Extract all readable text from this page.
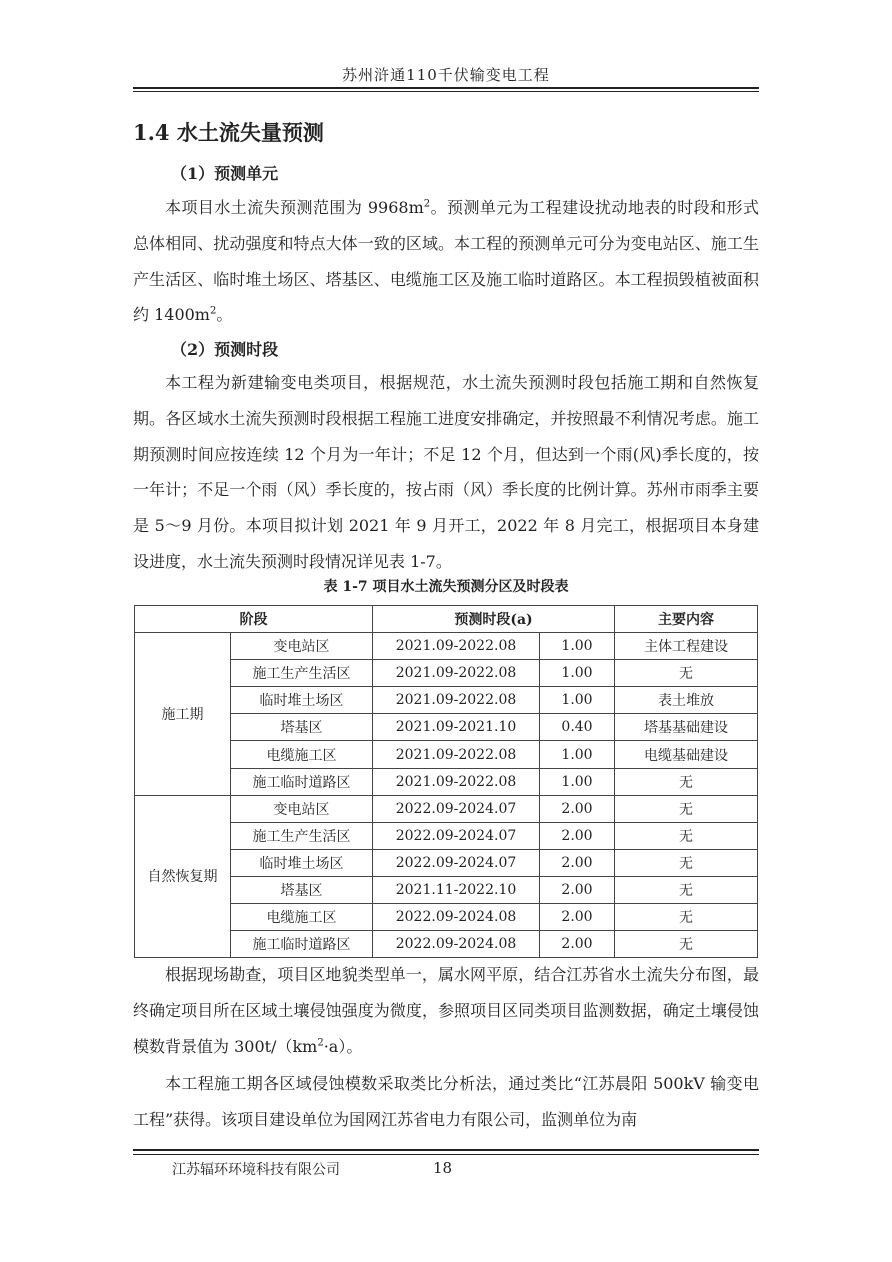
苏州浒通110千伏输变电工程
1.4 水土流失量预测
（1）预测单元
本项目水土流失预测范围为 $9968m^2$。预测单元为工程建设扰动地表的时段和形式总体相同、扰动强度和特点大体一致的区域。本工程的预测单元可分为变电站区、施工生产生活区、临时堆土场区、塔基区、电缆施工区及施工临时道路区。本工程损毁植被面积约 $1400m^2$。
（2）预测时段
本工程为新建输变电类项目，根据规范，水土流失预测时段包括施工期和自然恢复期。各区域水土流失预测时段根据工程施工进度安排确定，并按照最不利情况考虑。施工期预测时间应按连续 12 个月为一年计；不足 12 个月，但达到一个雨(风)季长度的，按一年计；不足一个雨（风）季长度的，按占雨（风）季长度的比例计算。苏州市雨季主要是 5～9 月份。本项目拟计划 2021 年 9 月开工，2022 年 8 月完工，根据项目本身建设进度，水土流失预测时段情况详见表 1-7。
表 1-7 项目水土流失预测分区及时段表
阶段		预测时段(a)		主要内容
施工期	变电站区	2021.09-2022.08	1.00	主体工程建设
	施工生产生活区	2021.09-2022.08	1.00	无
	临时堆土场区	2021.09-2022.08	1.00	表土堆放
	塔基区	2021.09-2021.10	0.40	塔基基础建设
	电缆施工区	2021.09-2022.08	1.00	电缆基础建设
	施工临时道路区	2021.09-2022.08	1.00	无
自然恢复期	变电站区	2022.09-2024.07	2.00	无
	施工生产生活区	2022.09-2024.07	2.00	无
	临时堆土场区	2022.09-2024.07	2.00	无
	塔基区	2021.11-2022.10	2.00	无
	电缆施工区	2022.09-2024.08	2.00	无
	施工临时道路区	2022.09-2024.08	2.00	无
根据现场勘查，项目区地貌类型单一，属水网平原，结合江苏省水土流失分布图，最终确定项目所在区域土壤侵蚀强度为微度，参照项目区同类项目监测数据，确定土壤侵蚀模数背景值为 $300t/(km^2\cdot a)$。
本工程施工期各区域侵蚀模数采取类比分析法，通过类比“江苏晨阳 500kV 输变电工程”获得。该项目建设单位为国网江苏省电力有限公司，监测单位为南
江苏辐环环境科技有限公司	18
